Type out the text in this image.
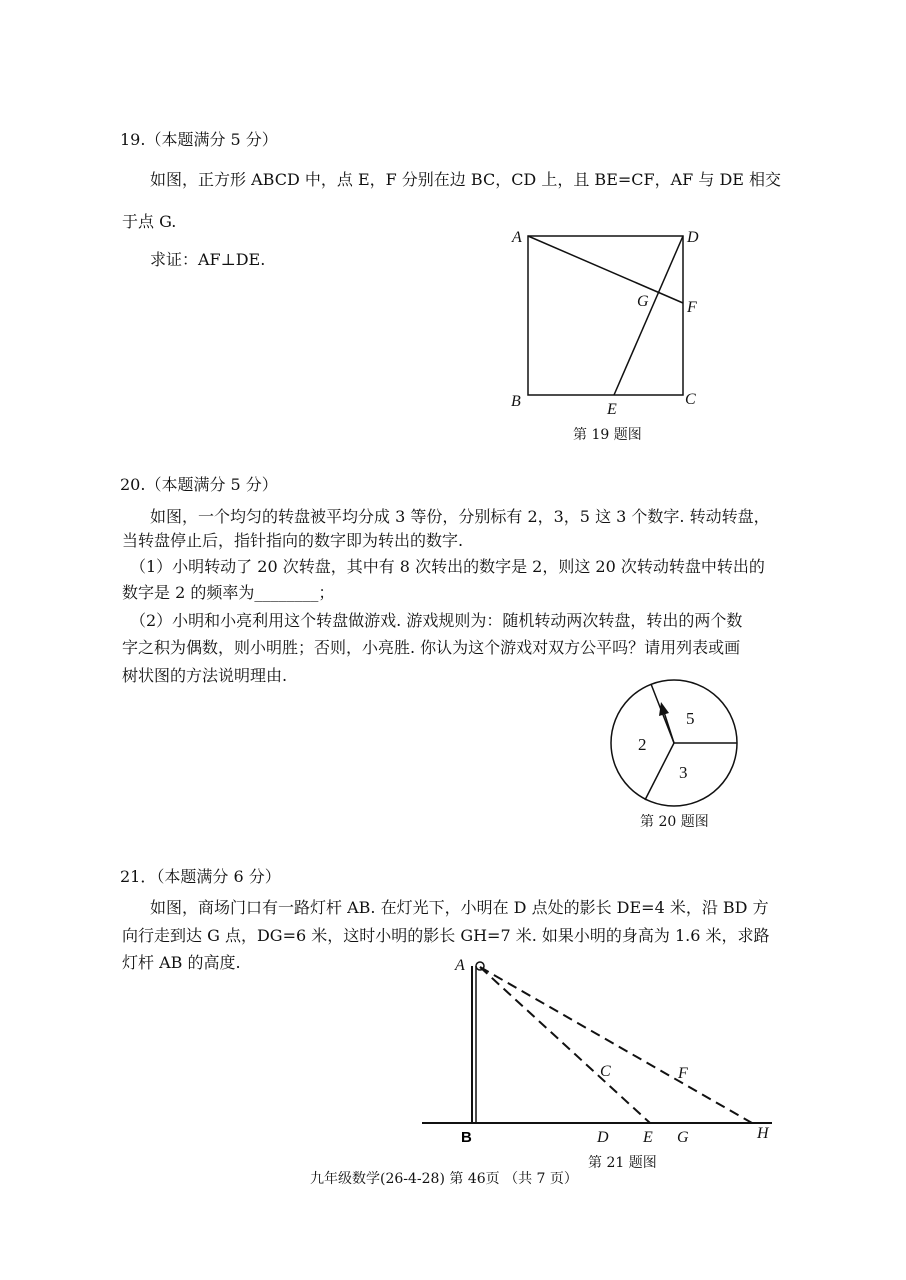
19.（本题满分 5 分）
如图，正方形 ABCD 中，点 E，F 分别在边 BC，CD 上，且 BE=CF，AF 与 DE 相交
于点 G.
求证：AF⊥DE.
A	D
G F
B	E
C
第 19 题图
20.（本题满分 5 分）
如图，一个均匀的转盘被平均分成 3 等份，分别标有 2，3，5 这 3 个数字. 转动转盘，
当转盘停止后，指针指向的数字即为转出的数字.
（1）小明转动了 20 次转盘，其中有 8 次转出的数字是 2，则这 20 次转动转盘中转出的
数字是 2 的频率为________；
（2）小明和小亮利用这个转盘做游戏. 游戏规则为：随机转动两次转盘，转出的两个数
字之积为偶数，则小明胜；否则，小亮胜. 你认为这个游戏对双方公平吗？请用列表或画
树状图的方法说明理由.
5
2
3
第 20 题图
21．（本题满分 6 分）
如图，商场门口有一路灯杆 AB. 在灯光下，小明在 D 点处的影长 DE=4 米，沿 BD 方
向行走到达 G 点，DG=6 米，这时小明的影长 GH=7 米. 如果小明的身高为 1.6 米，求路
灯杆 AB 的高度.	A
C	F
B	D E G	H
第 21 题图
九年级数学(26-4-28) 第 46页 （共 7 页）
